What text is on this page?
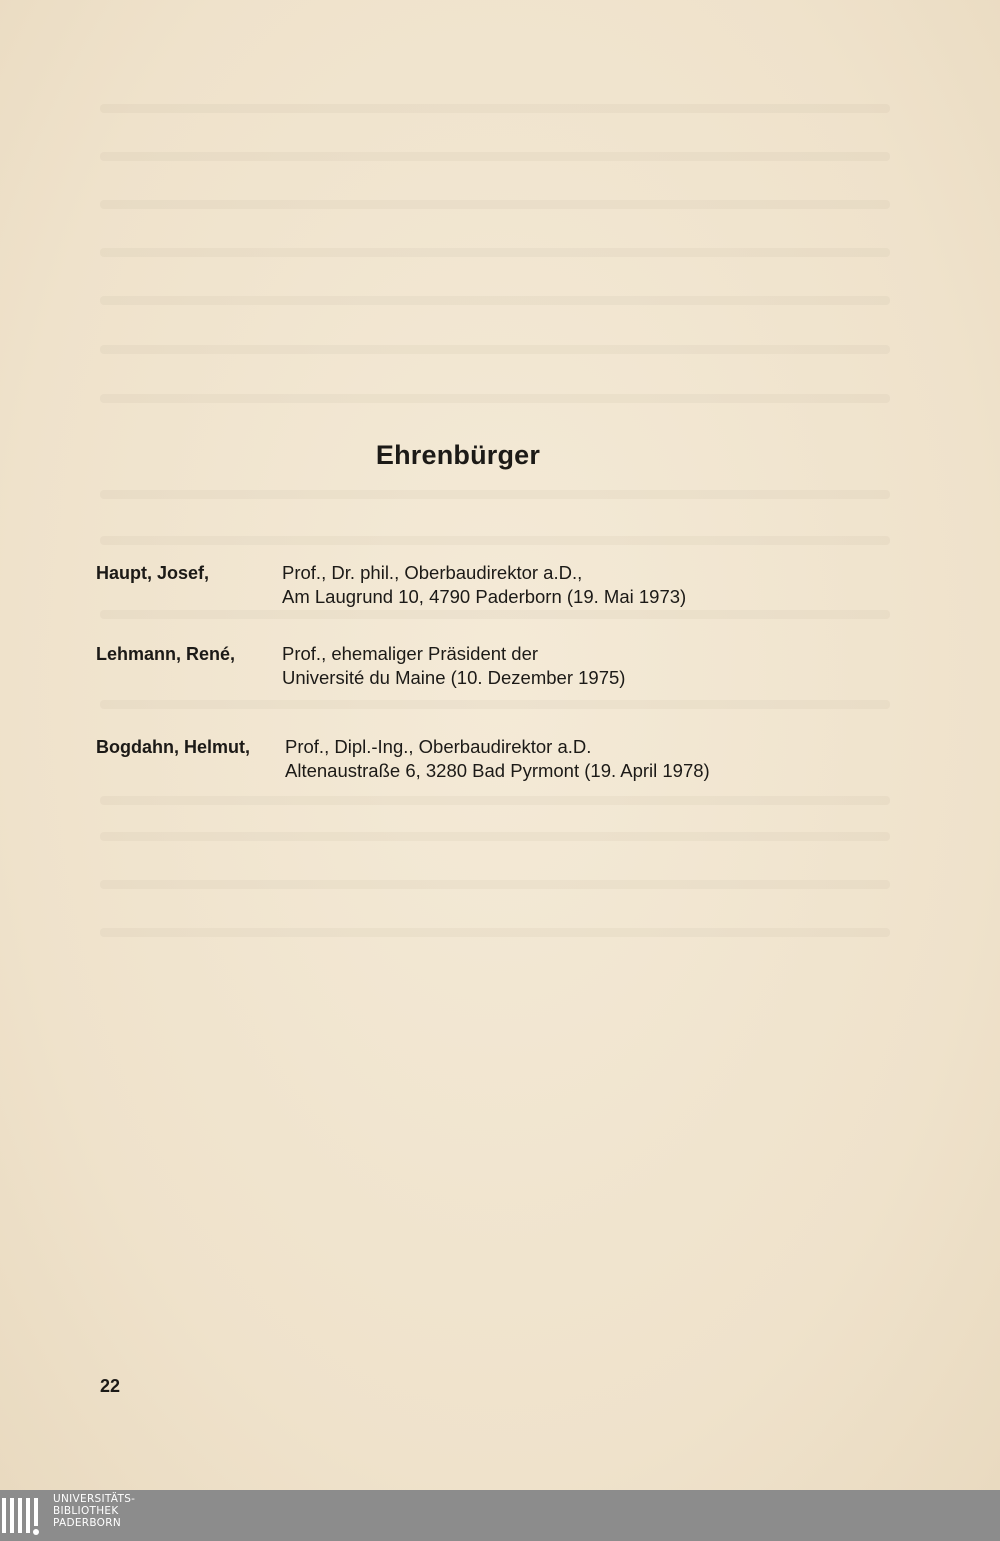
Ehrenbürger
Haupt, Josef,	Prof., Dr. phil., Oberbaudirektor a.D.,
Am Laugrund 10, 4790 Paderborn (19. Mai 1973)
Lehmann, René,	Prof., ehemaliger Präsident der
Université du Maine (10. Dezember 1975)
Bogdahn, Helmut, Prof., Dipl.-Ing., Oberbaudirektor a.D.
Altenaustraße 6, 3280 Bad Pyrmont (19. April 1978)
22
UNIVERSITÄTS-
BIBLIOTHEK
PADERBORN
